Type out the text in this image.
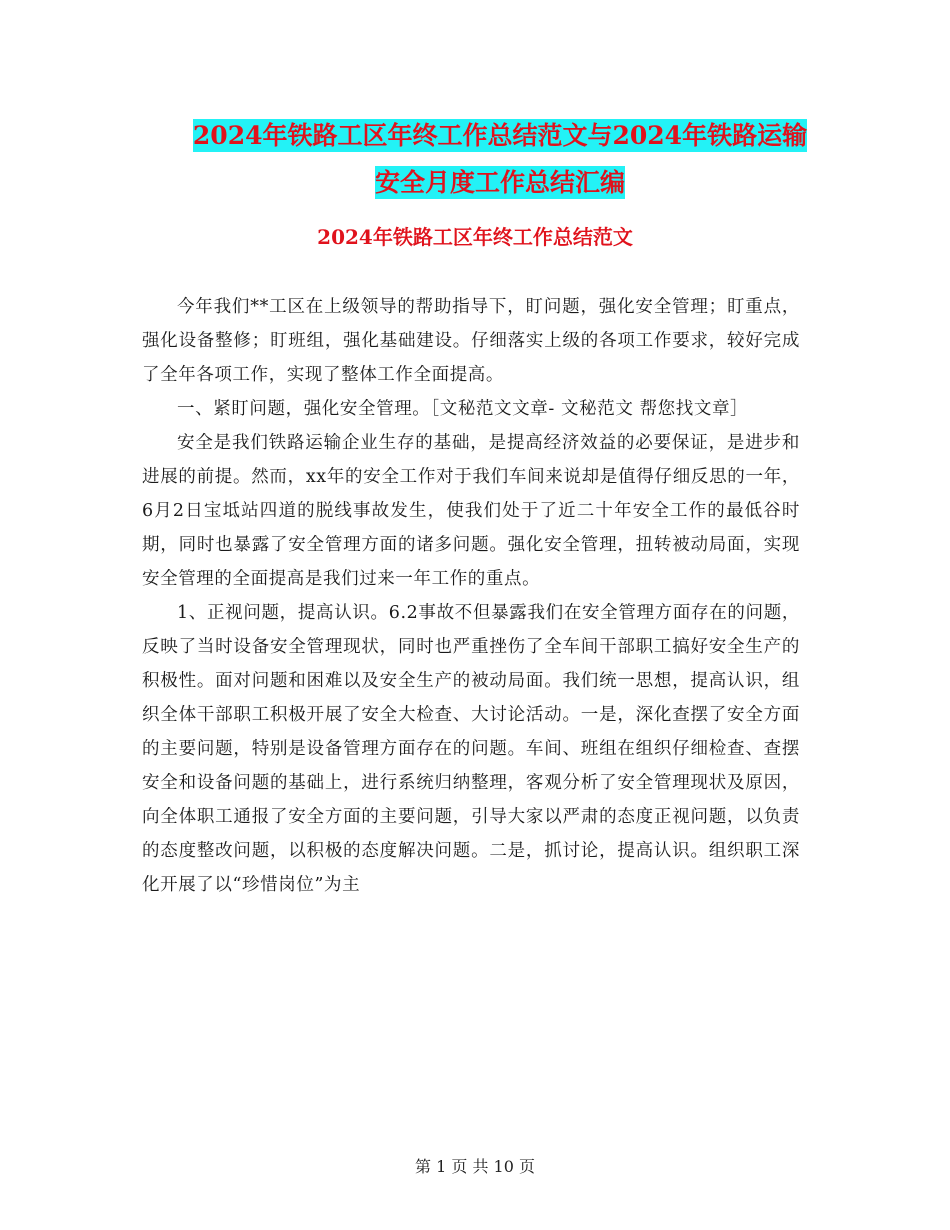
2024年铁路工区年终工作总结范文与2024年铁路运输
安全月度工作总结汇编
2024年铁路工区年终工作总结范文

今年我们**工区在上级领导的帮助指导下，盯问题，强化安全管理；盯重点，强化设备整修；盯班组，强化基础建设。仔细落实上级的各项工作要求，较好完成了全年各项工作，实现了整体工作全面提高。

一、紧盯问题，强化安全管理。［文秘范文文章- 文秘范文 帮您找文章］

安全是我们铁路运输企业生存的基础，是提高经济效益的必要保证，是进步和进展的前提。然而，xx年的安全工作对于我们车间来说却是值得仔细反思的一年，6月2日宝坻站四道的脱线事故发生，使我们处于了近二十年安全工作的最低谷时期，同时也暴露了安全管理方面的诸多问题。强化安全管理，扭转被动局面，实现安全管理的全面提高是我们过来一年工作的重点。

1、正视问题，提高认识。6.2事故不但暴露我们在安全管理方面存在的问题，反映了当时设备安全管理现状，同时也严重挫伤了全车间干部职工搞好安全生产的积极性。面对问题和困难以及安全生产的被动局面。我们统一思想，提高认识，组织全体干部职工积极开展了安全大检查、大讨论活动。一是，深化查摆了安全方面的主要问题，特别是设备管理方面存在的问题。车间、班组在组织仔细检查、查摆安全和设备问题的基础上，进行系统归纳整理，客观分析了安全管理现状及原因，向全体职工通报了安全方面的主要问题，引导大家以严肃的态度正视问题，以负责的态度整改问题，以积极的态度解决问题。二是，抓讨论，提高认识。组织职工深化开展了以“珍惜岗位”为主

第 1 页 共 10 页
